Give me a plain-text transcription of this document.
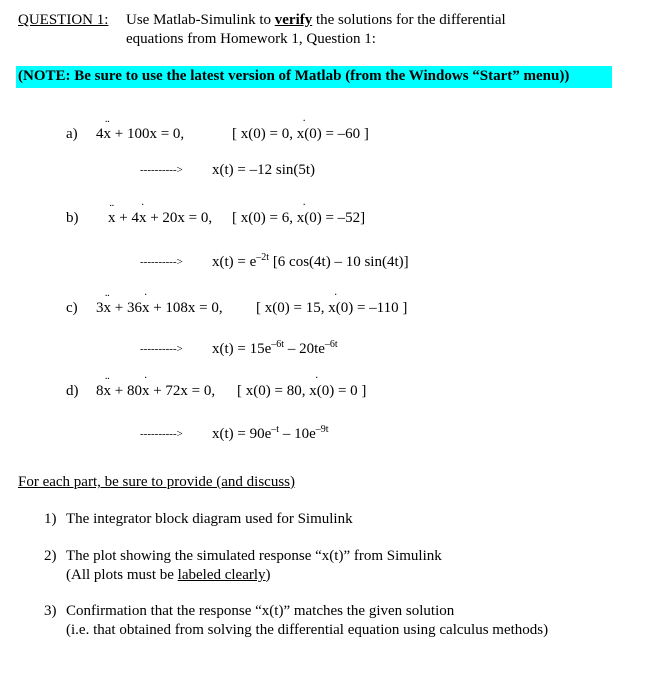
QUESTION 1: Use Matlab-Simulink to verify the solutions for the differential
equations from Homework 1, Question 1:
(NOTE: Be sure to use the latest version of Matlab (from the Windows “Start” menu))
a) 4¨ x + 100x = 0,	[ x(0) = 0, x(0) = –60 ]
----------> x(t) = –12 sin(5t)
b)
¨ x + 4˙ x + 20x = 0, [ x(0) = 6, x(0) = –52]
----------> $x(t) = e^{-2t}$ [6 cos(4t) – 10 sin(4t)]
c) 3¨ x + 36˙ x + 108x = 0, [ x(0) = 15, x(0) = –110 ]
----------> $x(t) = 15e^{-6t} - 20te^{-6t}$
d) 8¨ x + 80˙ x + 72x = 0, [ x(0) = 80, x(0) = 0 ]
----------> $x(t) = 90e^{-t} - 10e^{-9t}$
For each part, be sure to provide (and discuss)
1) The integrator block diagram used for Simulink
2) The plot showing the simulated response “x(t)” from Simulink
(All plots must be labeled clearly)
3) Confirmation that the response “x(t)” matches the given solution
(i.e. that obtained from solving the differential equation using calculus methods)
